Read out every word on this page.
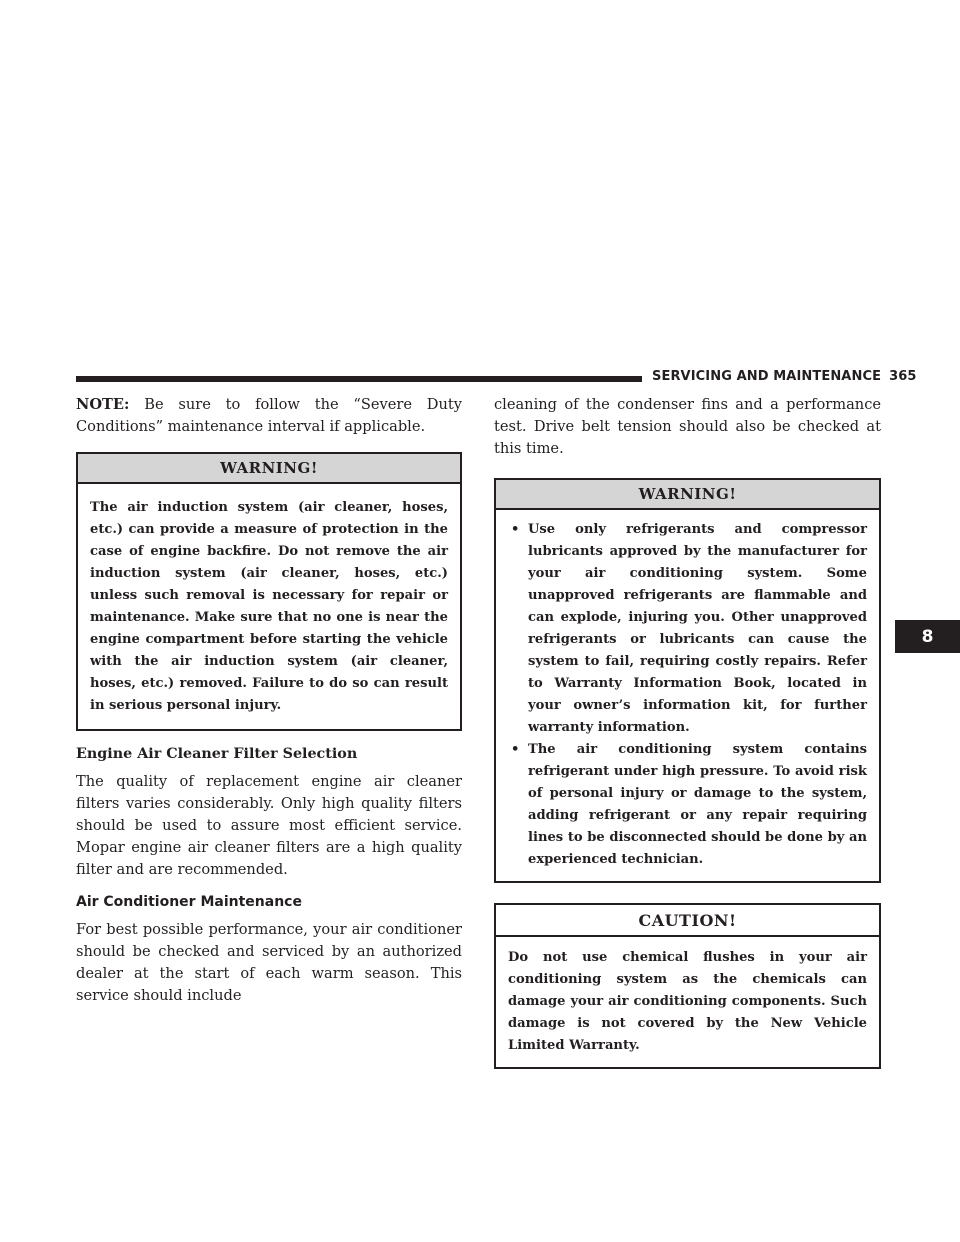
SERVICING AND MAINTENANCE 365
8

NOTE: Be sure to follow the “Severe Duty Conditions” maintenance interval if applicable.

WARNING!
The air induction system (air cleaner, hoses, etc.) can provide a measure of protection in the case of engine backfire. Do not remove the air induction system (air cleaner, hoses, etc.) unless such removal is necessary for repair or maintenance. Make sure that no one is near the engine compartment before starting the vehicle with the air induction system (air cleaner, hoses, etc.) removed. Failure to do so can result in serious personal injury.
Engine Air Cleaner Filter Selection

The quality of replacement engine air cleaner filters varies considerably. Only high quality filters should be used to assure most efficient service. Mopar engine air cleaner filters are a high quality filter and are recommended.

Air Conditioner Maintenance

For best possible performance, your air conditioner should be checked and serviced by an authorized dealer at the start of each warm season. This service should include

cleaning of the condenser fins and a performance test. Drive belt tension should also be checked at this time.

WARNING!
• Use only refrigerants and compressor lubricants approved by the manufacturer for your air conditioning system. Some unapproved refrigerants are flammable and can explode, injuring you. Other unapproved refrigerants or lubricants can cause the system to fail, requiring costly repairs. Refer to Warranty Information Book, located in your owner’s information kit, for further warranty information.
• The air conditioning system contains refrigerant under high pressure. To avoid risk of personal injury or damage to the system, adding refrigerant or any repair requiring lines to be disconnected should be done by an experienced technician.
CAUTION!
Do not use chemical flushes in your air conditioning system as the chemicals can damage your air conditioning components. Such damage is not covered by the New Vehicle Limited Warranty.
